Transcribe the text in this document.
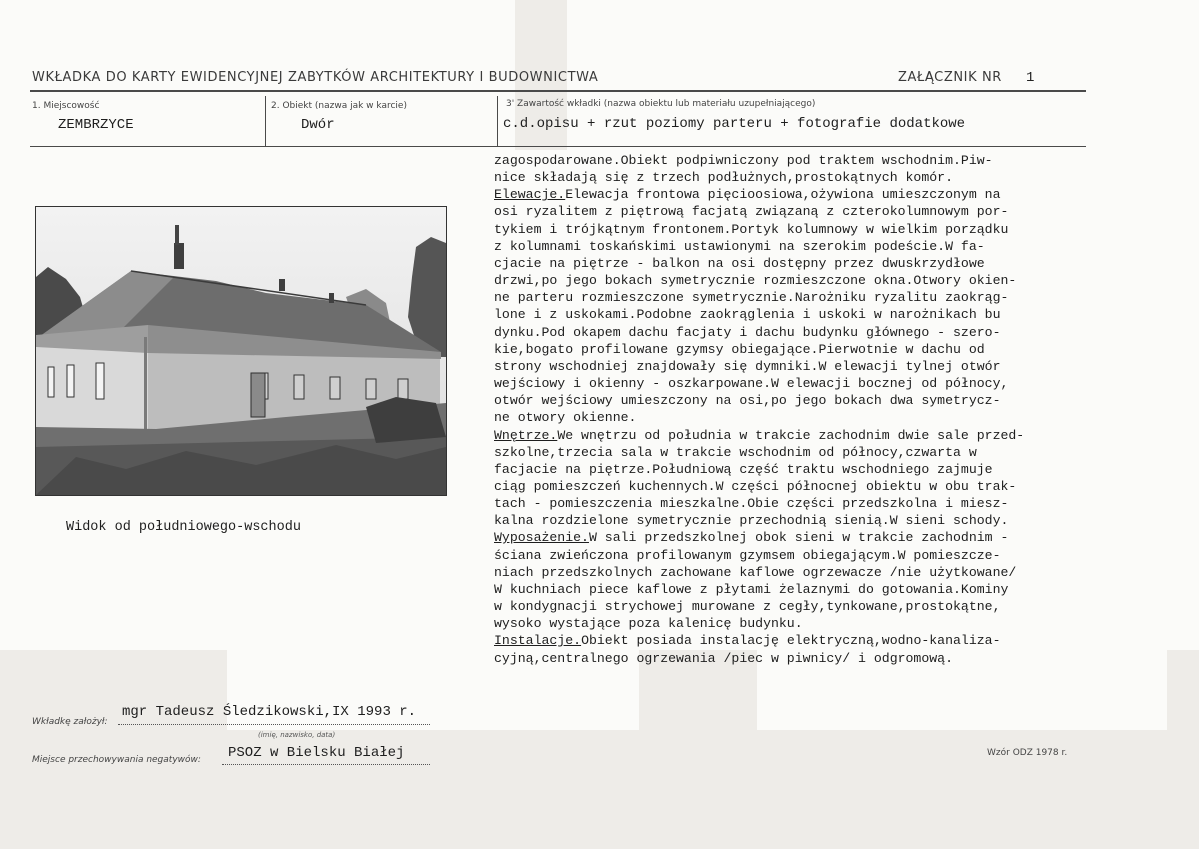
WKŁADKA DO KARTY EWIDENCYJNEJ ZABYTKÓW ARCHITEKTURY I BUDOWNICTWA	ZAŁĄCZNIK NR 1
1. Miejscowość
ZEMBRZYCE
2. Obiekt (nazwa jak w karcie)
Dwór
3' Zawartość wkładki (nazwa obiektu lub materiału uzupełniającego)
c.d.opisu + rzut poziomy parteru + fotografie dodatkowe
Widok od południowego-wschodu
zagospodarowane.Obiekt podpiwniczony pod traktem wschodnim.Piw-
nice składają się z trzech podłużnych,prostokątnych komór.
Elewacje.Elewacja frontowa pięcioosiowa,ożywiona umieszczonym na
osi ryzalitem z piętrową facjatą związaną z czterokolumnowym por-
tykiem i trójkątnym frontonem.Portyk kolumnowy w wielkim porządku
z kolumnami toskańskimi ustawionymi na szerokim podeście.W fa-
cjacie na piętrze - balkon na osi dostępny przez dwuskrzydłowe
drzwi,po jego bokach symetrycznie rozmieszczone okna.Otwory okien-
ne parteru rozmieszczone symetrycznie.Narożniku ryzalitu zaokrąg-
lone i z uskokami.Podobne zaokrąglenia i uskoki w narożnikach bu
dynku.Pod okapem dachu facjaty i dachu budynku głównego - szero-
kie,bogato profilowane gzymsy obiegające.Pierwotnie w dachu od
strony wschodniej znajdowały się dymniki.W elewacji tylnej otwór
wejściowy i okienny - oszkarpowane.W elewacji bocznej od północy,
otwór wejściowy umieszczony na osi,po jego bokach dwa symetrycz-
ne otwory okienne.
Wnętrze.We wnętrzu od południa w trakcie zachodnim dwie sale przed-
szkolne,trzecia sala w trakcie wschodnim od północy,czwarta w
facjacie na piętrze.Południową część traktu wschodniego zajmuje
ciąg pomieszczeń kuchennych.W części północnej obiektu w obu trak-
tach - pomieszczenia mieszkalne.Obie części przedszkolna i miesz-
kalna rozdzielone symetrycznie przechodnią sienią.W sieni schody.
Wyposażenie.W sali przedszkolnej obok sieni w trakcie zachodnim -
ściana zwieńczona profilowanym gzymsem obiegającym.W pomieszcze-
niach przedszkolnych zachowane kaflowe ogrzewacze /nie użytkowane/
W kuchniach piece kaflowe z płytami żelaznymi do gotowania.Kominy
w kondygnacji strychowej murowane z cegły,tynkowane,prostokątne,
wysoko wystające poza kalenicę budynku.
Instalacje.Obiekt posiada instalację elektryczną,wodno-kanaliza-
cyjną,centralnego ogrzewania /piec w piwnicy/ i odgromową.
Wkładkę założył:
mgr Tadeusz Śledzikowski,IX 1993 r.
(imię, nazwisko, data)
Miejsce przechowywania negatywów: PSOZ w Bielsku Białej	Wzór ODZ 1978 r.
